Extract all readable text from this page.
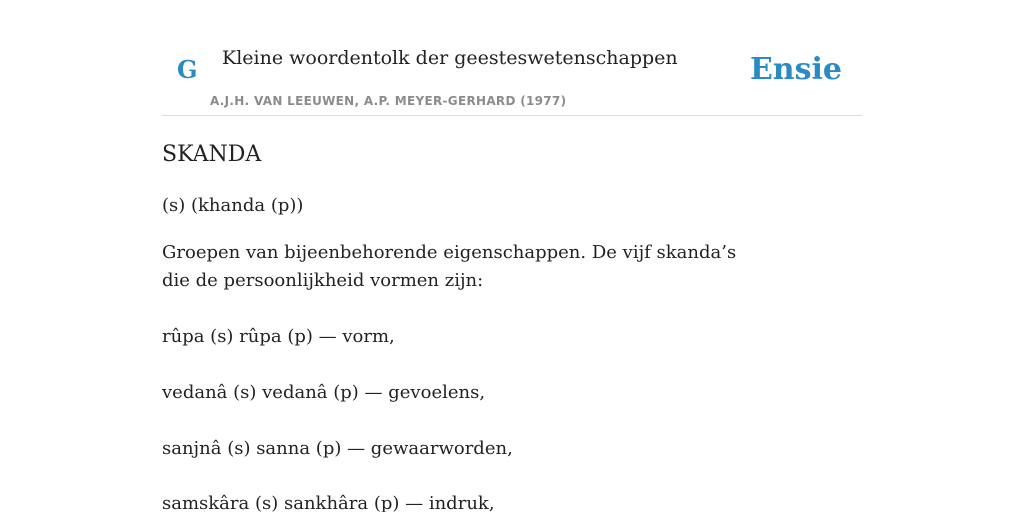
G Kleine woordentolk der geesteswetenschappen
A.J.H. VAN LEEUWEN, A.P. MEYER-GERHARD (1977)
Ensie
SKANDA
(s) (khanda (p))
Groepen van bijeenbehorende eigenschappen. De vijf skanda’s die de persoonlijkheid vormen zijn:
rûpa (s) rûpa (p) — vorm,
vedanâ (s) vedanâ (p) — gevoelens,
sanjnâ (s) sanna (p) — gewaarworden,
samskâra (s) sankhâra (p) — indruk,
